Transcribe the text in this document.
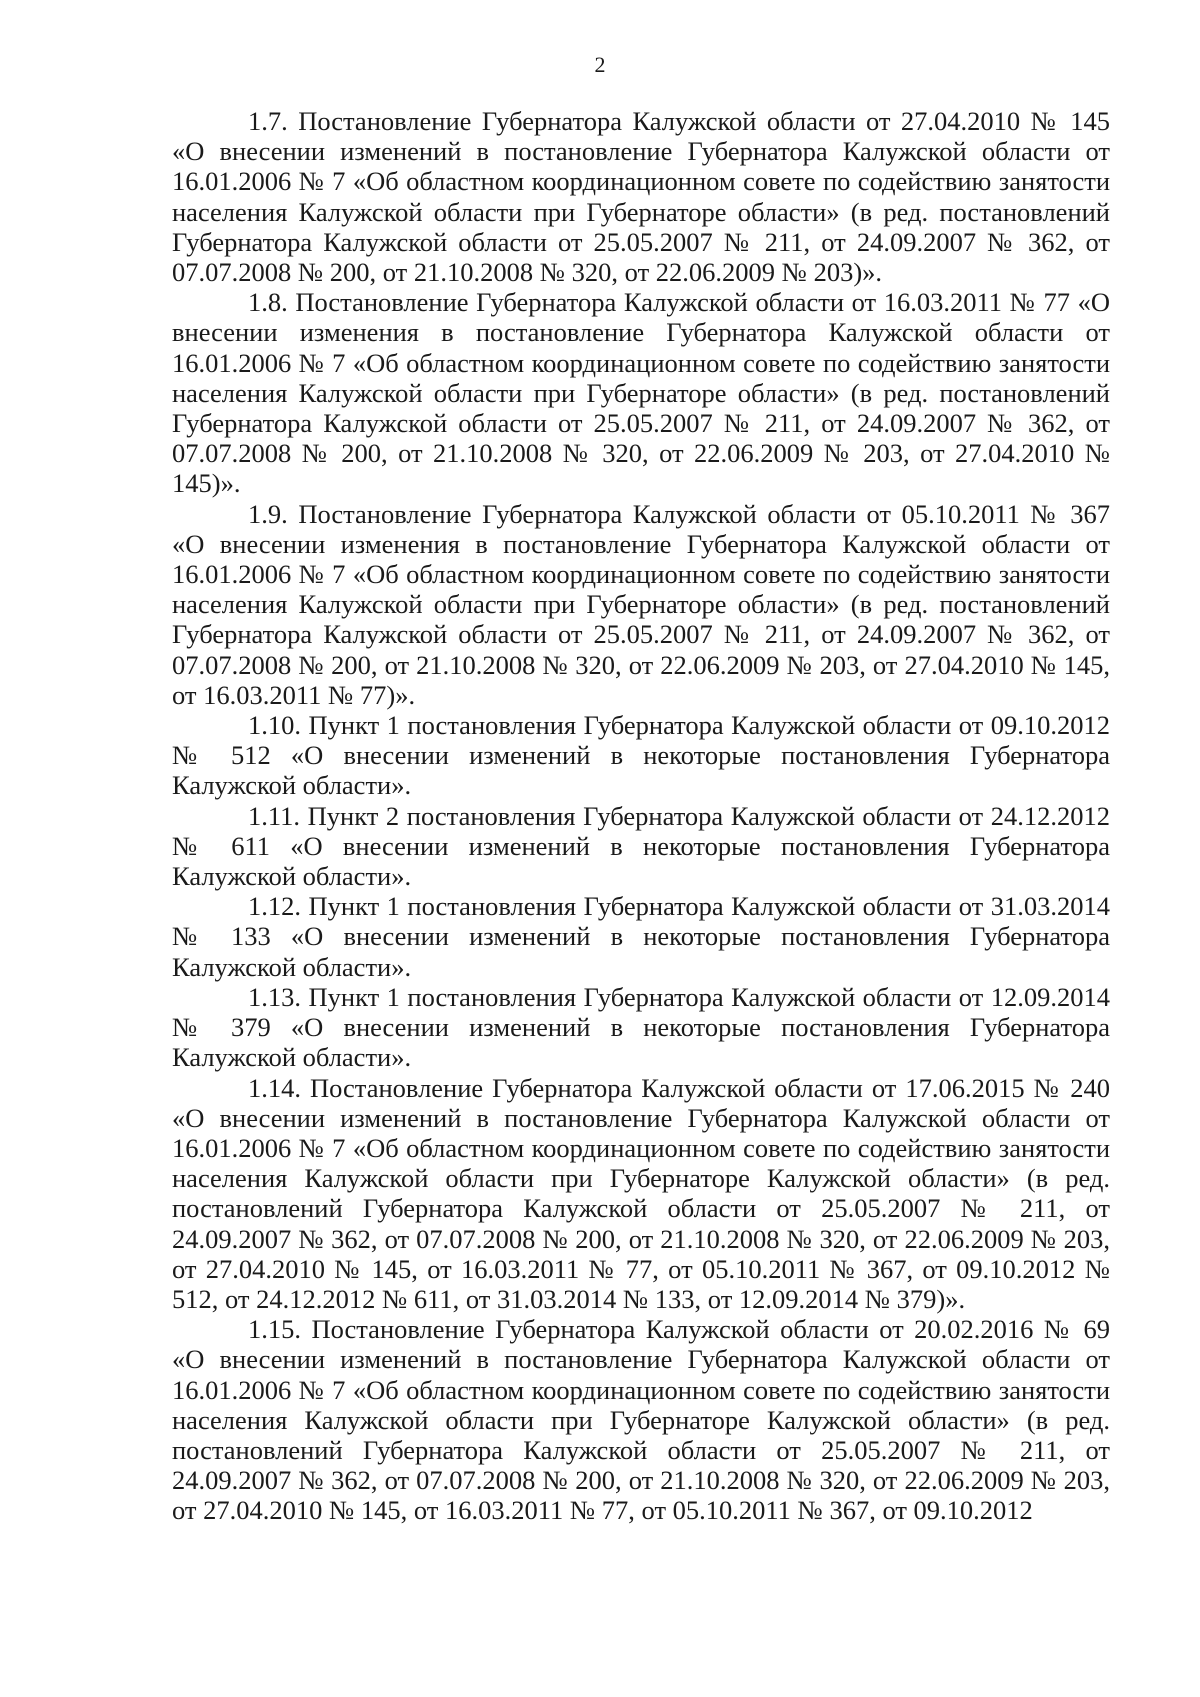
2

1.7. Постановление Губернатора Калужской области от 27.04.2010 № 145 «О внесении изменений в постановление Губернатора Калужской области от 16.01.2006 № 7 «Об областном координационном совете по содействию занятости населения Калужской области при Губернаторе области» (в ред. постановлений Губернатора Калужской области от 25.05.2007 № 211, от 24.09.2007 № 362, от 07.07.2008 № 200, от 21.10.2008 № 320, от 22.06.2009 № 203)».

1.8. Постановление Губернатора Калужской области от 16.03.2011 № 77 «О внесении изменения в постановление Губернатора Калужской области от 16.01.2006 № 7 «Об областном координационном совете по содействию занятости населения Калужской области при Губернаторе области» (в ред. постановлений Губернатора Калужской области от 25.05.2007 № 211, от 24.09.2007 № 362, от 07.07.2008 № 200, от 21.10.2008 № 320, от 22.06.2009 № 203, от 27.04.2010 № 145)».

1.9. Постановление Губернатора Калужской области от 05.10.2011 № 367 «О внесении изменения в постановление Губернатора Калужской области от 16.01.2006 № 7 «Об областном координационном совете по содействию занятости населения Калужской области при Губернаторе области» (в ред. постановлений Губернатора Калужской области от 25.05.2007 № 211, от 24.09.2007 № 362, от 07.07.2008 № 200, от 21.10.2008 № 320, от 22.06.2009 № 203, от 27.04.2010 № 145, от 16.03.2011 № 77)».

1.10. Пункт 1 постановления Губернатора Калужской области от 09.10.2012 № 512 «О внесении изменений в некоторые постановления Губернатора Калужской области».

1.11. Пункт 2 постановления Губернатора Калужской области от 24.12.2012 № 611 «О внесении изменений в некоторые постановления Губернатора Калужской области».

1.12. Пункт 1 постановления Губернатора Калужской области от 31.03.2014 № 133 «О внесении изменений в некоторые постановления Губернатора Калужской области».

1.13. Пункт 1 постановления Губернатора Калужской области от 12.09.2014 № 379 «О внесении изменений в некоторые постановления Губернатора Калужской области».

1.14. Постановление Губернатора Калужской области от 17.06.2015 № 240 «О внесении изменений в постановление Губернатора Калужской области от 16.01.2006 № 7 «Об областном координационном совете по содействию занятости населения Калужской области при Губернаторе Калужской области» (в ред. постановлений Губернатора Калужской области от 25.05.2007 № 211, от 24.09.2007 № 362, от 07.07.2008 № 200, от 21.10.2008 № 320, от 22.06.2009 № 203, от 27.04.2010 № 145, от 16.03.2011 № 77, от 05.10.2011 № 367, от 09.10.2012 № 512, от 24.12.2012 № 611, от 31.03.2014 № 133, от 12.09.2014 № 379)».

1.15. Постановление Губернатора Калужской области от 20.02.2016 № 69 «О внесении изменений в постановление Губернатора Калужской области от 16.01.2006 № 7 «Об областном координационном совете по содействию занятости населения Калужской области при Губернаторе Калужской области» (в ред. постановлений Губернатора Калужской области от 25.05.2007 № 211, от 24.09.2007 № 362, от 07.07.2008 № 200, от 21.10.2008 № 320, от 22.06.2009 № 203, от 27.04.2010 № 145, от 16.03.2011 № 77, от 05.10.2011 № 367, от 09.10.2012
